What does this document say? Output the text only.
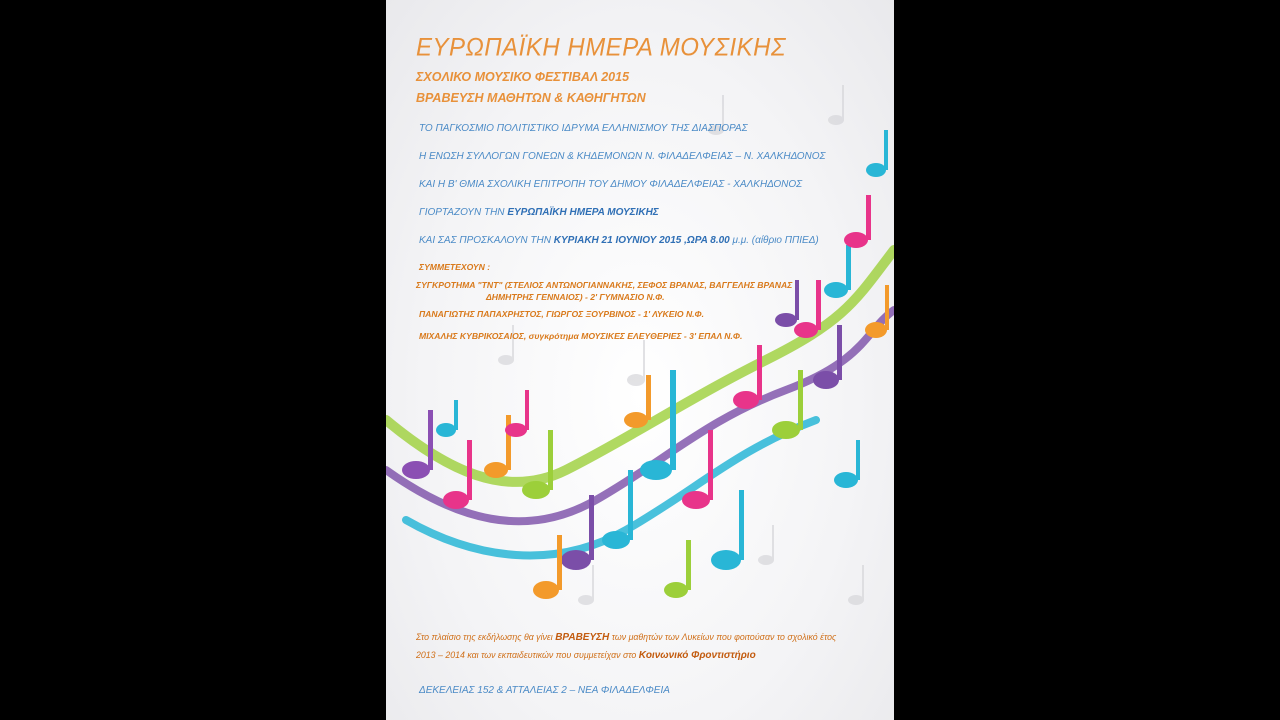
ΕΥΡΩΠΑΪΚΗ ΗΜΕΡΑ ΜΟΥΣΙΚΗΣ
ΣΧΟΛΙΚΟ ΜΟΥΣΙΚΟ ΦΕΣΤΙΒΑΛ 2015
ΒΡΑΒΕΥΣΗ ΜΑΘΗΤΩΝ & ΚΑΘΗΓΗΤΩΝ
ΤΟ ΠΑΓΚΟΣΜΙΟ ΠΟΛΙΤΙΣΤΙΚΟ ΙΔΡΥΜΑ ΕΛΛΗΝΙΣΜΟΥ ΤΗΣ ΔΙΑΣΠΟΡΑΣ
Η ΕΝΩΣΗ ΣΥΛΛΟΓΩΝ ΓΟΝΕΩΝ & ΚΗΔΕΜΟΝΩΝ Ν. ΦΙΛΑΔΕΛΦΕΙΑΣ – Ν. ΧΑΛΚΗΔΟΝΟΣ
ΚΑΙ Η Β' ΘΜΙΑ ΣΧΟΛΙΚΗ ΕΠΙΤΡΟΠΗ ΤΟΥ ΔΗΜΟΥ ΦΙΛΑΔΕΛΦΕΙΑΣ - ΧΑΛΚΗΔΟΝΟΣ
ΓΙΟΡΤΑΖΟΥΝ ΤΗΝ ΕΥΡΩΠΑΪΚΗ ΗΜΕΡΑ ΜΟΥΣΙΚΗΣ
ΚΑΙ ΣΑΣ ΠΡΟΣΚΑΛΟΥΝ ΤΗΝ ΚΥΡΙΑΚΗ 21 ΙΟΥΝΙΟΥ 2015 ,ΩΡΑ 8.00 μ.μ. (αίθριο ΠΠΙΕΔ)
ΣΥΜΜΕΤΕΧΟΥΝ :
ΣΥΓΚΡΟΤΗΜΑ "ΤΝΤ" (ΣΤΕΛΙΟΣ ΑΝΤΩΝΟΓΙΑΝΝΑΚΗΣ, ΣΕΦΟΣ ΒΡΑΝΑΣ, ΒΑΓΓΕΛΗΣ ΒΡΑΝΑΣ
ΔΗΜΗΤΡΗΣ ΓΕΝΝΑΙΟΣ) - 2' ΓΥΜΝΑΣΙΟ Ν.Φ.
ΠΑΝΑΓΙΩΤΗΣ ΠΑΠΑΧΡΗΣΤΟΣ, ΓΙΩΡΓΟΣ ΞΟΥΡΒΙΝΟΣ - 1' ΛΥΚΕΙΟ Ν.Φ.
ΜΙΧΑΛΗΣ ΚΥΒΡΙΚΟΣΑΙΟΣ, συγκρότημα ΜΟΥΣΙΚΕΣ ΕΛΕΥΘΕΡΙΕΣ - 3' ΕΠΑΛ Ν.Φ.
Στο πλαίσιο της εκδήλωσης θα γίνει ΒΡΑΒΕΥΣΗ των μαθητών των Λυκείων που φοιτούσαν το σχολικό έτος
2013 – 2014 και των εκπαιδευτικών που συμμετείχαν στο Κοινωνικό Φροντιστήριο
ΔΕΚΕΛΕΙΑΣ 152 & ΑΤΤΑΛΕΙΑΣ 2 – ΝΕΑ ΦΙΛΑΔΕΛΦΕΙΑ
